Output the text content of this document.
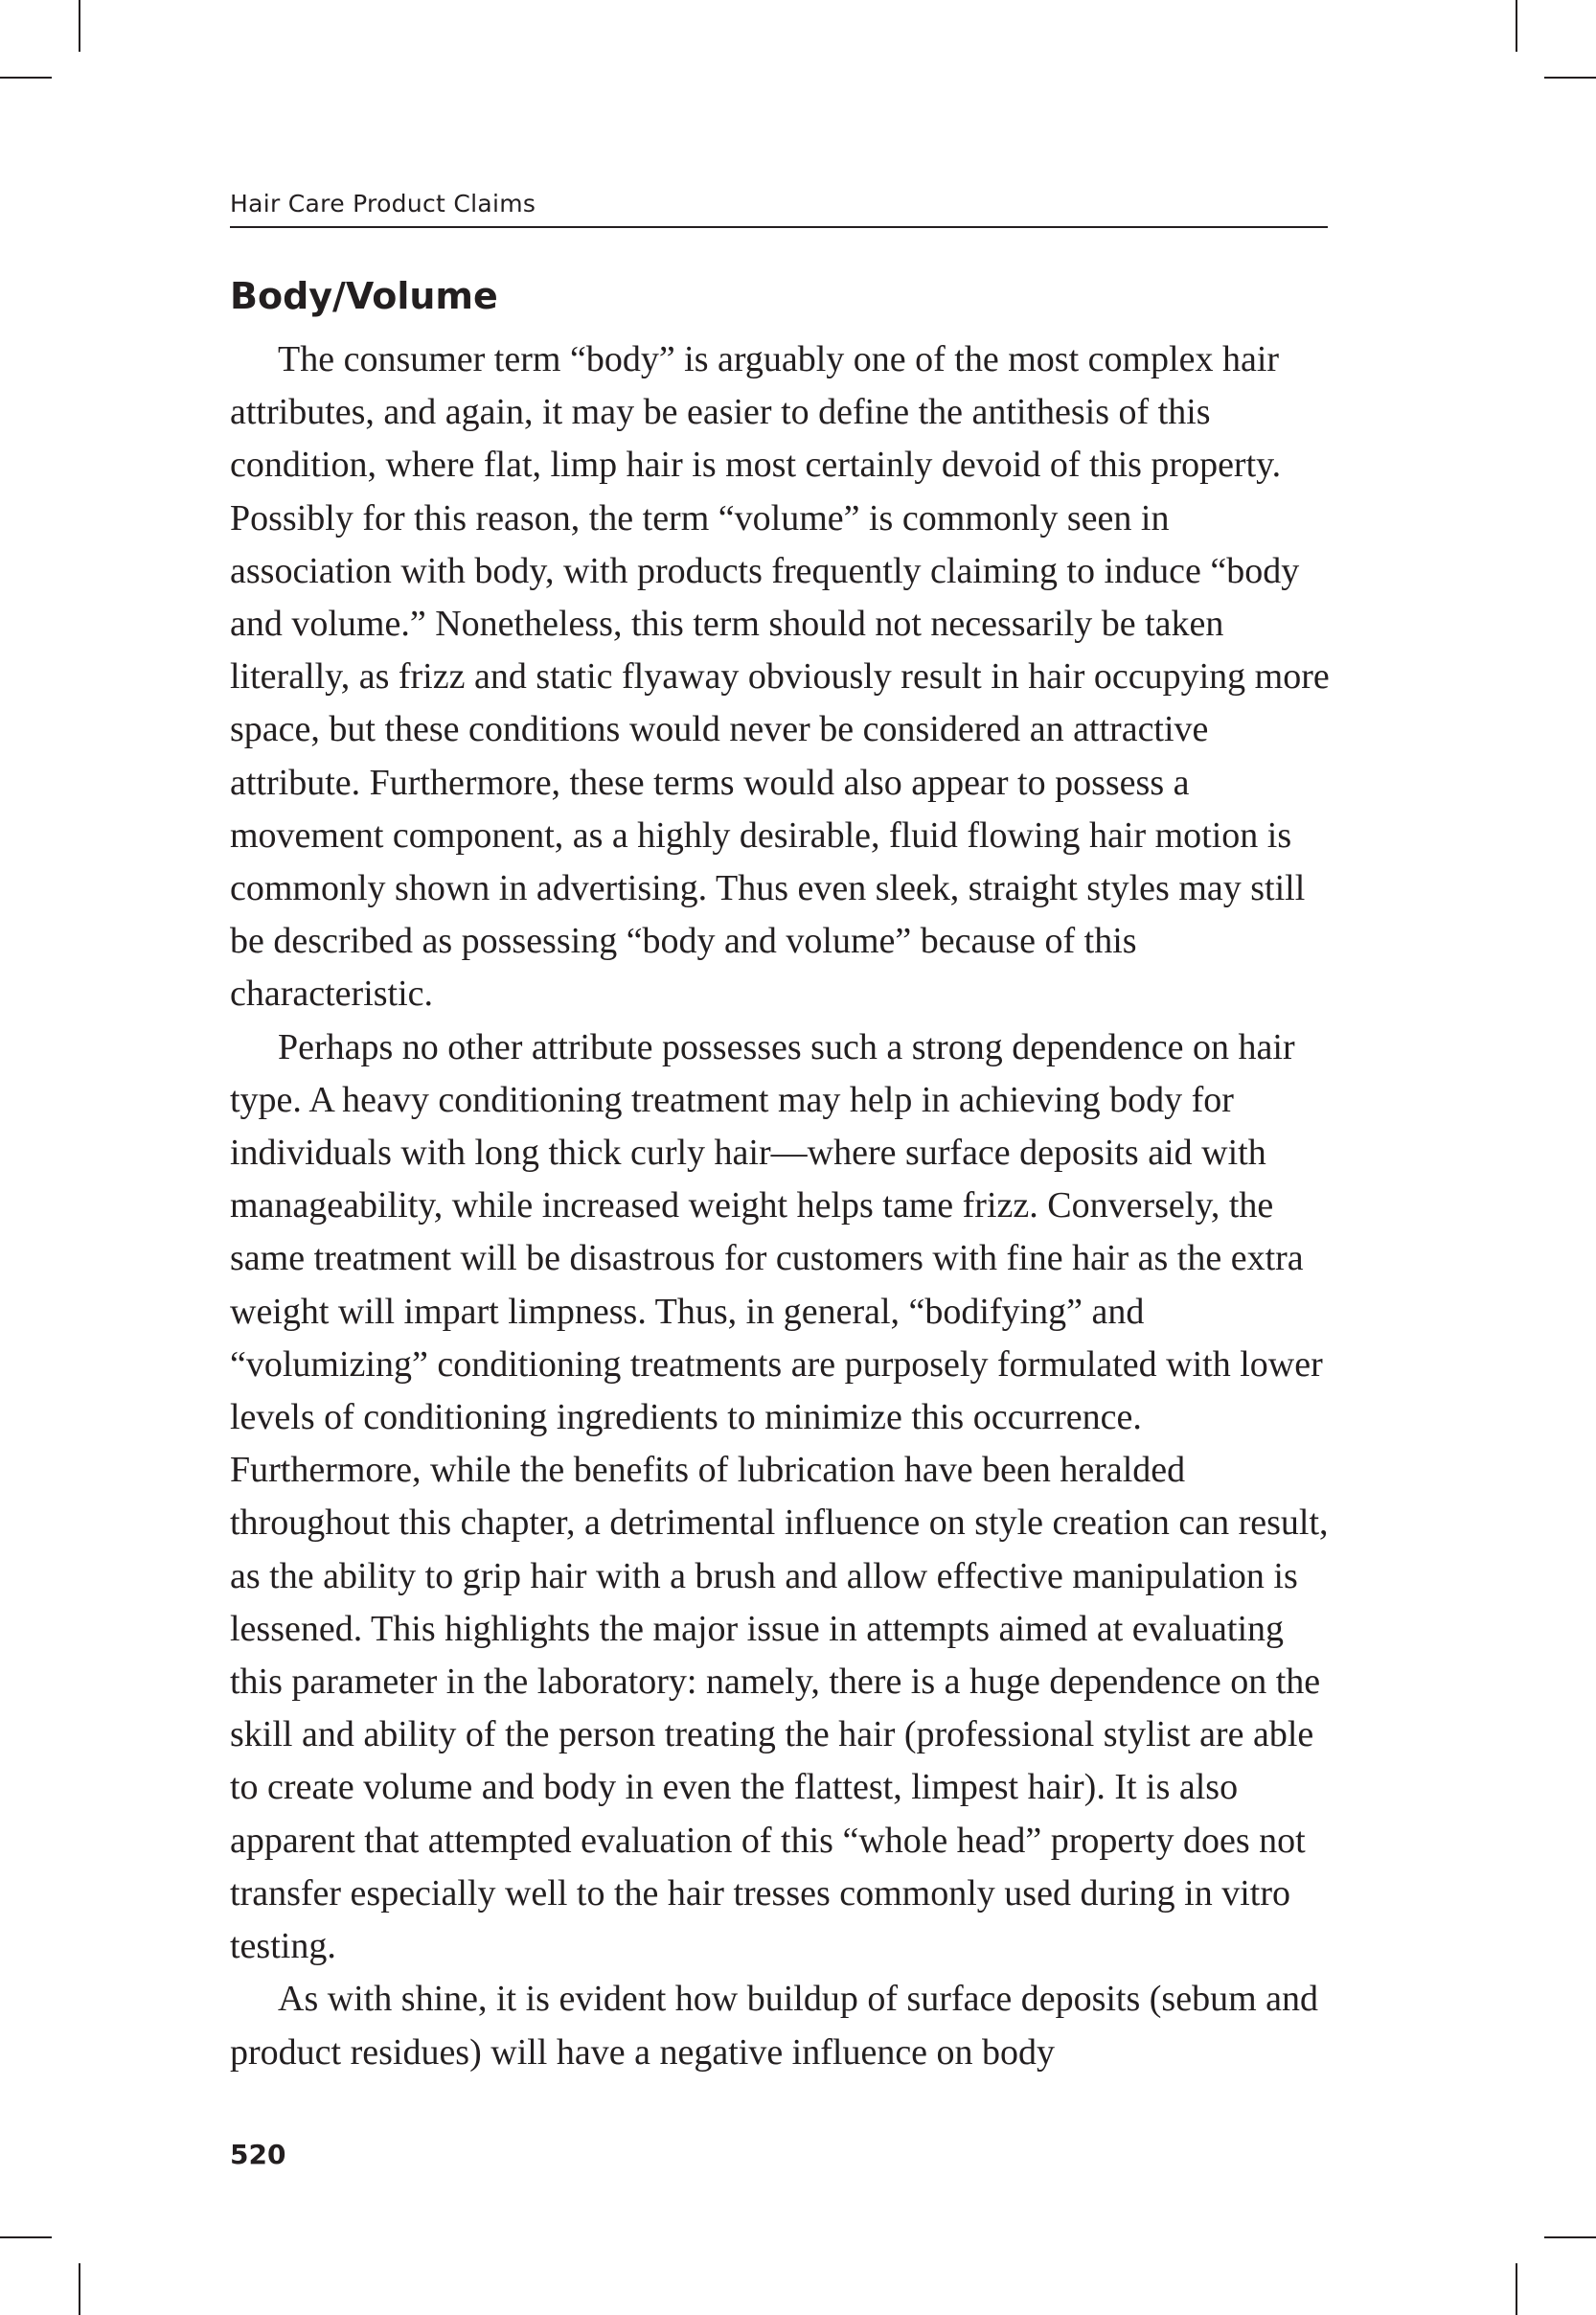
Hair Care Product Claims
Body/Volume

The consumer term “body” is arguably one of the most complex hair attributes, and again, it may be easier to define the antithesis of this condition, where flat, limp hair is most certainly devoid of this property. Possibly for this reason, the term “volume” is commonly seen in association with body, with products frequently claiming to induce “body and volume.” Nonetheless, this term should not necessarily be taken literally, as frizz and static flyaway obviously result in hair occupying more space, but these conditions would never be considered an attractive attribute. Furthermore, these terms would also appear to possess a movement component, as a highly desirable, fluid flowing hair motion is commonly shown in advertising. Thus even sleek, straight styles may still be described as possessing “body and volume” because of this characteristic.

Perhaps no other attribute possesses such a strong dependence on hair type. A heavy conditioning treatment may help in achieving body for individuals with long thick curly hair—where surface deposits aid with manageability, while increased weight helps tame frizz. Conversely, the same treatment will be disastrous for customers with fine hair as the extra weight will impart limpness. Thus, in general, “bodifying” and “volumizing” conditioning treatments are purposely formulated with lower levels of conditioning ingredients to minimize this occurrence. Furthermore, while the benefits of lubrication have been heralded throughout this chapter, a detrimental influence on style creation can result, as the ability to grip hair with a brush and allow effective manipulation is lessened. This highlights the major issue in attempts aimed at evaluating this parameter in the laboratory: namely, there is a huge dependence on the skill and ability of the person treating the hair (professional stylist are able to create volume and body in even the flattest, limpest hair). It is also apparent that attempted evaluation of this “whole head” property does not transfer especially well to the hair tresses commonly used during in vitro testing.

As with shine, it is evident how buildup of surface deposits (sebum and product residues) will have a negative influence on body

520
